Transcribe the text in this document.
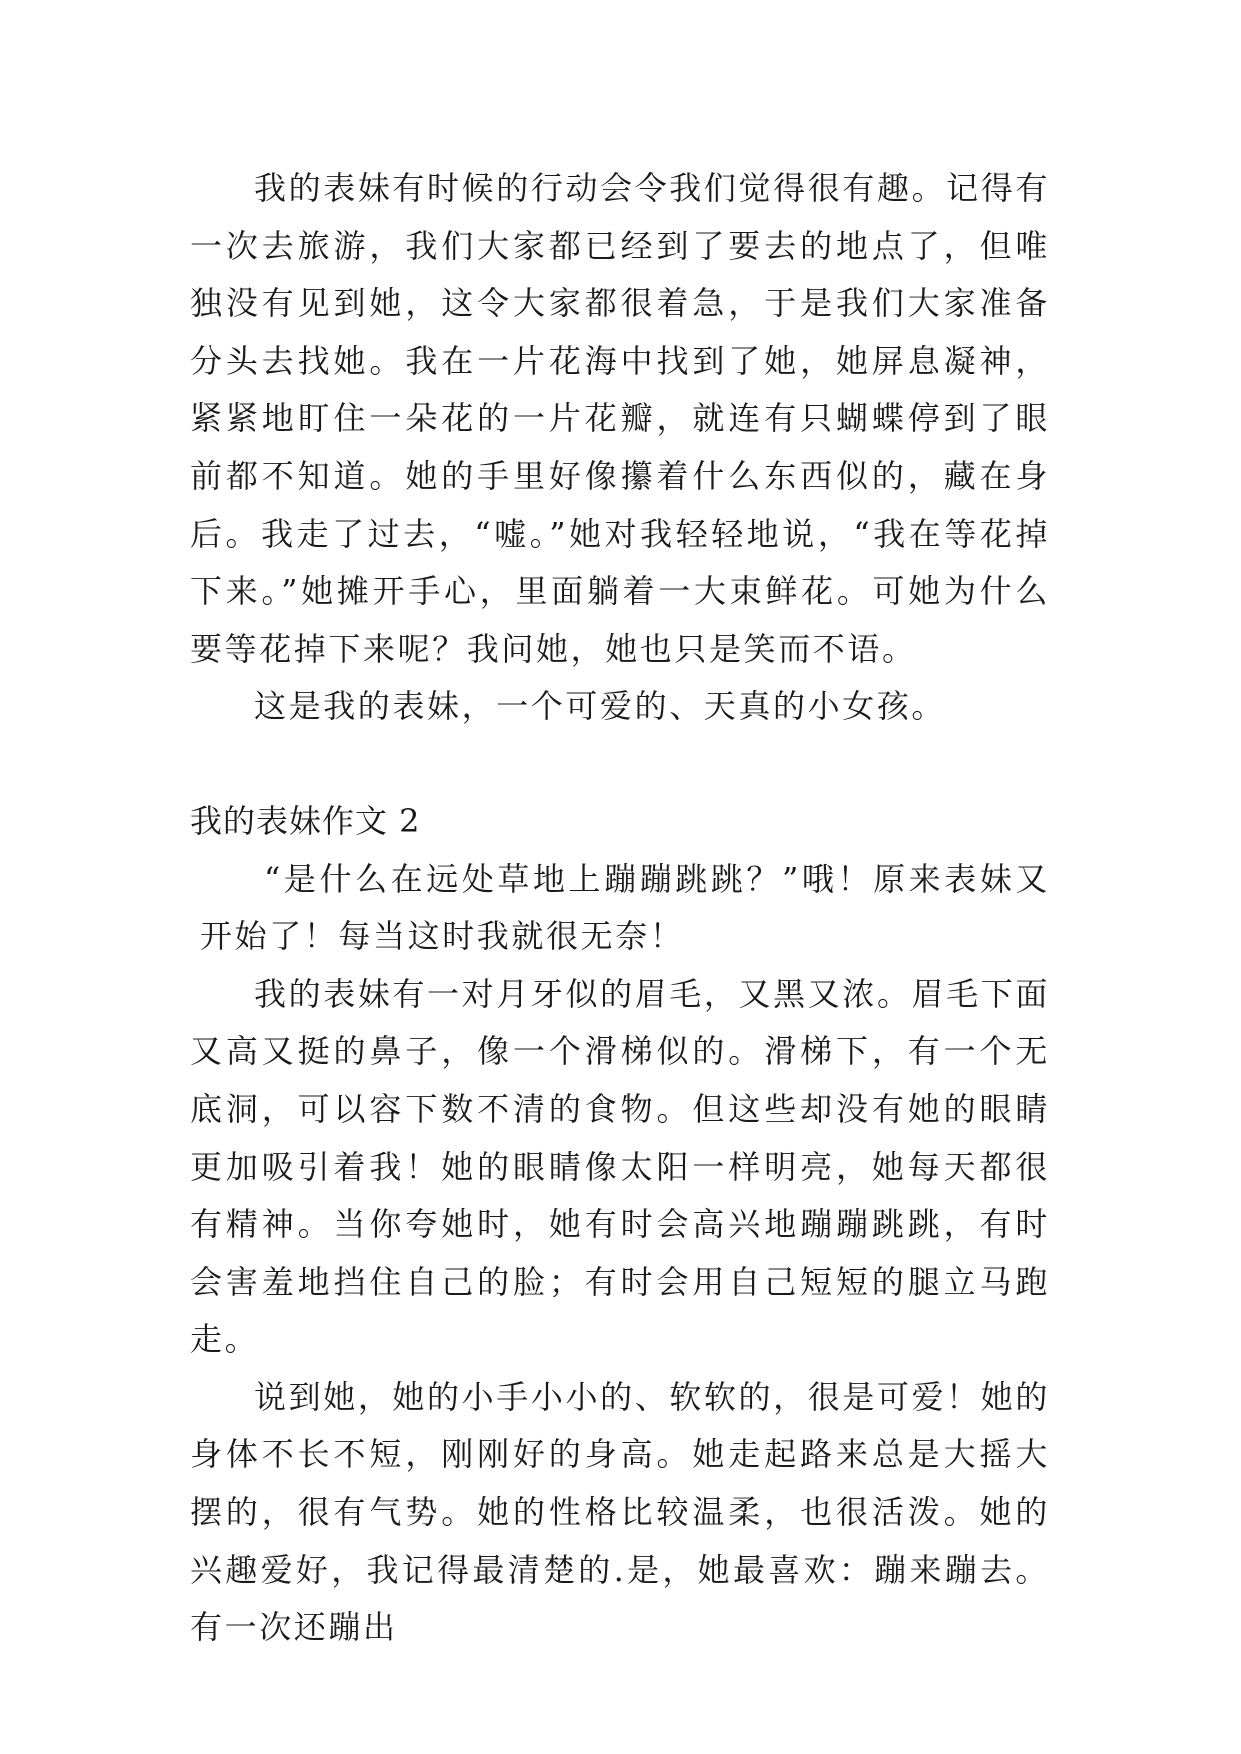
我的表妹有时候的行动会令我们觉得很有趣。记得有一次去旅游，我们大家都已经到了要去的地点了，但唯独没有见到她，这令大家都很着急，于是我们大家准备分头去找她。我在一片花海中找到了她，她屏息凝神，紧紧地盯住一朵花的一片花瓣，就连有只蝴蝶停到了眼前都不知道。她的手里好像攥着什么东西似的，藏在身后。我走了过去，“嘘。”她对我轻轻地说，“我在等花掉下来。”她摊开手心，里面躺着一大束鲜花。可她为什么要等花掉下来呢？我问她，她也只是笑而不语。

这是我的表妹，一个可爱的、天真的小女孩。

我的表妹作文 2

“是什么在远处草地上蹦蹦跳跳？”哦！原来表妹又开始了！每当这时我就很无奈！

我的表妹有一对月牙似的眉毛，又黑又浓。眉毛下面又高又挺的鼻子，像一个滑梯似的。滑梯下，有一个无底洞，可以容下数不清的食物。但这些却没有她的眼睛更加吸引着我！她的眼睛像太阳一样明亮，她每天都很有精神。当你夸她时，她有时会高兴地蹦蹦跳跳，有时会害羞地挡住自己的脸；有时会用自己短短的腿立马跑走。

说到她，她的小手小小的、软软的，很是可爱！她的身体不长不短，刚刚好的身高。她走起路来总是大摇大摆的，很有气势。她的性格比较温柔，也很活泼。她的兴趣爱好，我记得最清楚的.是，她最喜欢：蹦来蹦去。有一次还蹦出
